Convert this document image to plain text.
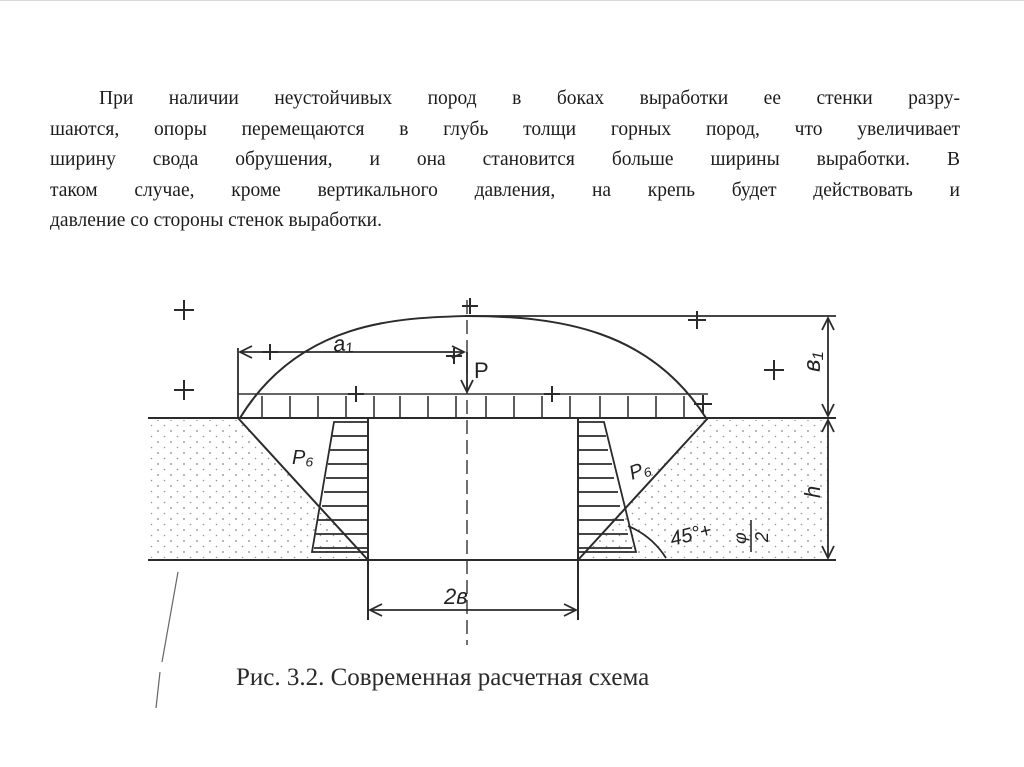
При наличии неустойчивых пород в боках выработки ее стенки разру-
шаются, опоры перемещаются в глубь толщи горных пород, что увеличивает
ширину свода обрушения, и она становится больше ширины выработки. В
таком случае, кроме вертикального давления, на крепь будет действовать и
давление со стороны стенок выработки.
a₁
P	в₁
h
P₆	P₆
45°+ φ 2
2в
Рис. 3.2. Современная расчетная схема
